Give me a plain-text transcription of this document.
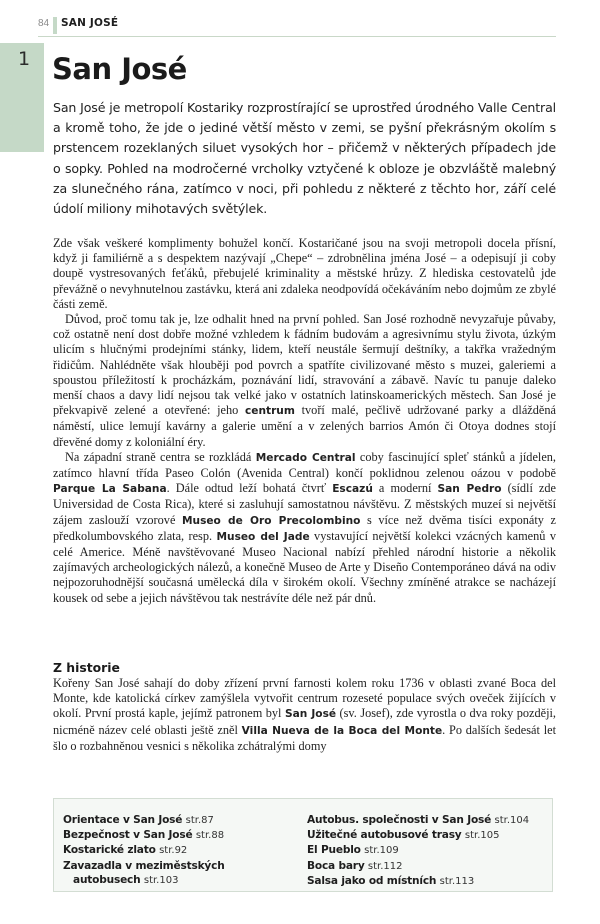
84 SAN JOSÉ
1 San José

San José je metropolí Kostariky rozprostírající se uprostřed úrodného Valle Central a kromě toho, že jde o jediné větší město v zemi, se pyšní překrásným okolím s prstencem rozeklaných siluet vysokých hor – přičemž v některých případech jde o sopky. Pohled na modročerné vrcholky vztyčené k obloze je obzvláště malebný za slunečného rána, zatímco v noci, při pohledu z některé z těchto hor, září celé údolí miliony mihotavých světýlek.

Zde však veškeré komplimenty bohužel končí. Kostaričané jsou na svoji metropoli docela přísní, když ji familiérně a s despektem nazývají „Chepe“ – zdrobnělina jména José – a odepisují ji coby doupě vystresovaných feťáků, přebujelé kriminality a městské hrůzy. Z hlediska cestovatelů jde převážně o nevyhnutelnou zastávku, která ani zdaleka neodpovídá očekáváním nebo dojmům ze zbylé části země.

Důvod, proč tomu tak je, lze odhalit hned na první pohled. San José rozhodně nevyzařuje půvaby, což ostatně není dost dobře možné vzhledem k fádním budovám a agresivnímu stylu života, úzkým ulicím s hlučnými prodejními stánky, lidem, kteří neustále šermují deštníky, a takřka vražedným řidičům. Nahlédněte však hlouběji pod povrch a spatříte civilizované město s muzei, galeriemi a spoustou příležitostí k procházkám, poznávání lidí, stravování a zábavě. Navíc tu panuje daleko menší chaos a davy lidí nejsou tak velké jako v ostatních latinskoamerických městech. San José je překvapivě zelené a otevřené: jeho centrum tvoří malé, pečlivě udržované parky a dlážděná náměstí, ulice lemují kavárny a galerie umění a v zelených barrios Amón či Otoya dodnes stojí dřevěné domy z koloniální éry.

Na západní straně centra se rozkládá Mercado Central coby fascinující spleť stánků a jídelen, zatímco hlavní třída Paseo Colón (Avenida Central) končí poklidnou zelenou oázou v podobě Parque La Sabana. Dále odtud leží bohatá čtvrť Escazú a moderní San Pedro (sídlí zde Universidad de Costa Rica), které si zasluhují samostatnou návštěvu. Z městských muzeí si největší zájem zaslouží vzorové Museo de Oro Precolombino s více než dvěma tisíci exponáty z předkolumbovského zlata, resp. Museo del Jade vystavující největší kolekci vzácných kamenů v celé Americe. Méně navštěvované Museo Nacional nabízí přehled národní historie a několik zajímavých archeologických nálezů, a konečně Museo de Arte y Diseño Contemporáneo dává na odiv nejpozoruhodnější současná umělecká díla v širokém okolí. Všechny zmíněné atrakce se nacházejí kousek od sebe a jejich návštěvou tak nestrávíte déle než pár dnů.

Z historie

Kořeny San José sahají do doby zřízení první farnosti kolem roku 1736 v oblasti zvané Boca del Monte, kde katolická církev zamýšlela vytvořit centrum rozeseté populace svých oveček žijících v okolí. První prostá kaple, jejímž patronem byl San José (sv. Josef), zde vyrostla o dva roky později, nicméně název celé oblasti ještě zněl Villa Nueva de la Boca del Monte. Po dalších šedesát let šlo o rozbahněnou vesnici s několika zchátralými domy

Orientace v San José str.87
Bezpečnost v San José str.88
Kostarické zlato str.92
Zavazadla v meziměstských
autobusech str.103
Autobus. společnosti v San José str.104
Užitečné autobusové trasy str.105
El Pueblo str.109
Boca bary str.112
Salsa jako od místních str.113
